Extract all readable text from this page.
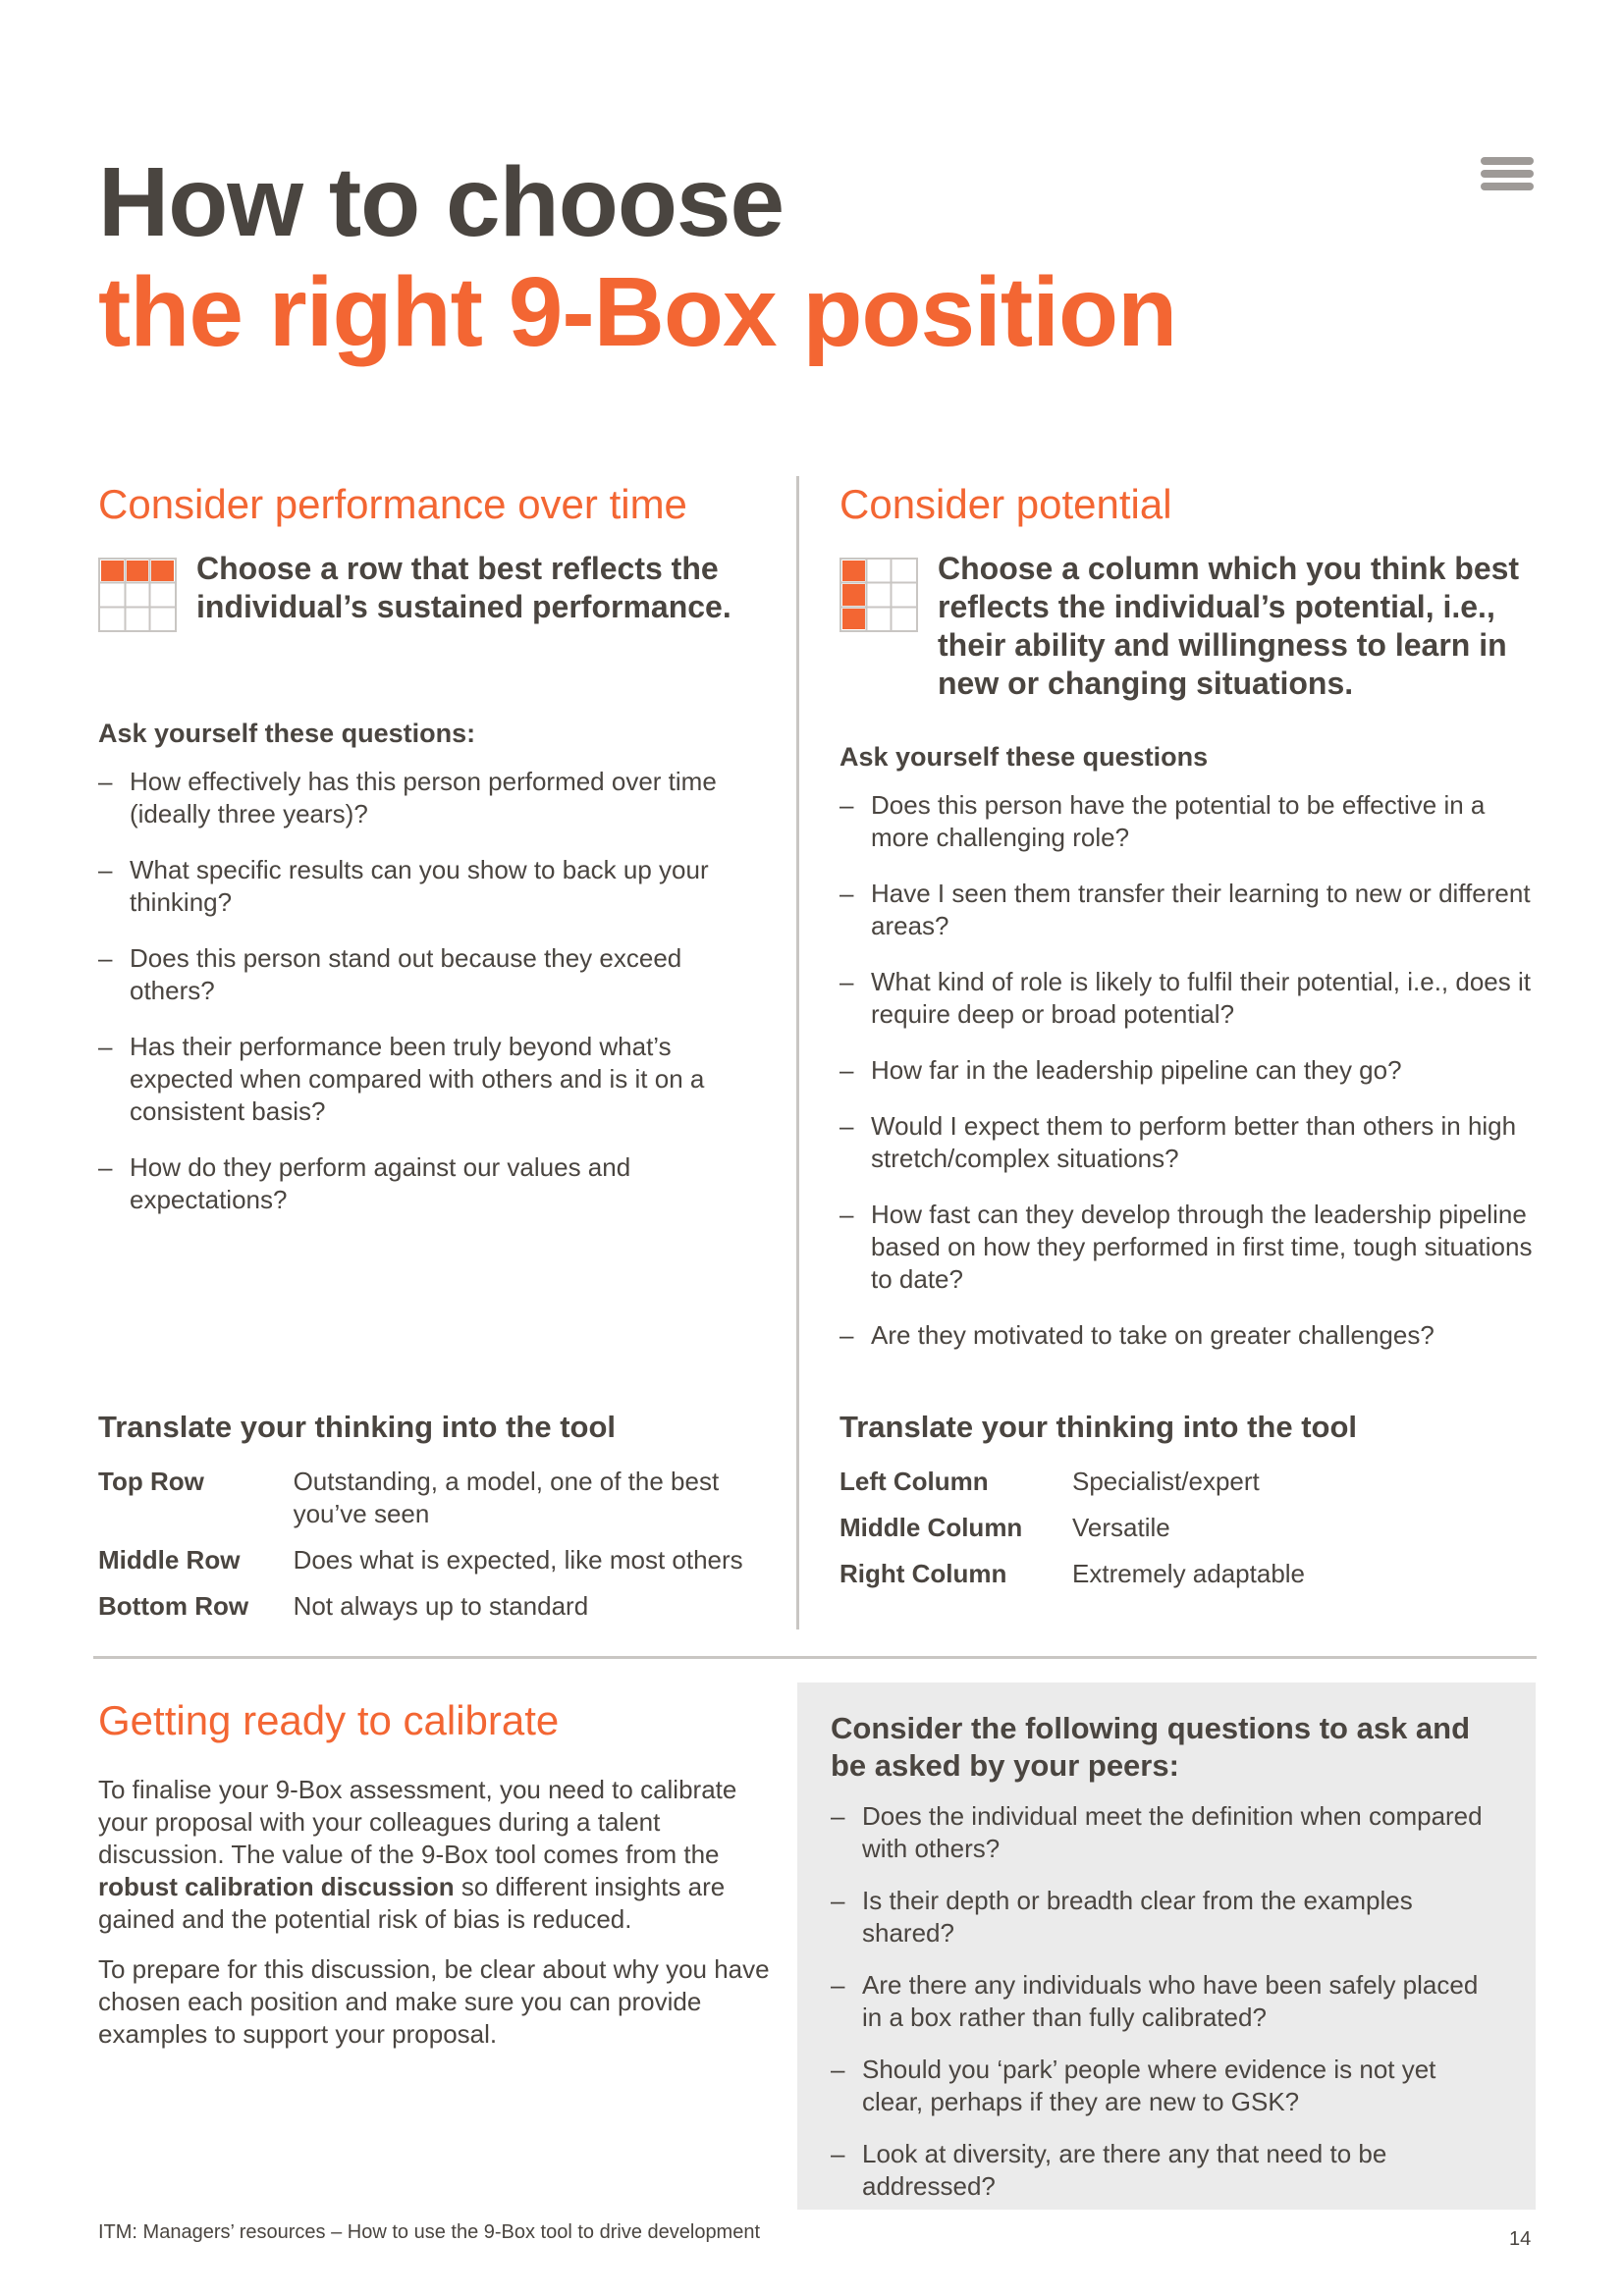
How to choose
the right 9-Box position
Consider performance over time

Choose a row that best reflects the individual’s sustained performance.

Ask yourself these questions:

– How effectively has this person performed over time (ideally three years)?
– What specific results can you show to back up your thinking?
– Does this person stand out because they exceed others?
– Has their performance been truly beyond what’s expected when compared with others and is it on a consistent basis?
– How do they perform against our values and expectations?

Translate your thinking into the tool

Top Row	Outstanding, a model, one of the best you’ve seen
Middle Row	Does what is expected, like most others
Bottom Row	Not always up to standard
Consider potential

Choose a column which you think best reflects the individual’s potential, i.e., their ability and willingness to learn in new or changing situations.

Ask yourself these questions

– Does this person have the potential to be effective in a more challenging role?
– Have I seen them transfer their learning to new or different areas?
– What kind of role is likely to fulfil their potential, i.e., does it require deep or broad potential?
– How far in the leadership pipeline can they go?
– Would I expect them to perform better than others in high stretch/complex situations?
– How fast can they develop through the leadership pipeline based on how they performed in first time, tough situations to date?
– Are they motivated to take on greater challenges?

Translate your thinking into the tool

Left Column	Specialist/expert
Middle Column	Versatile
Right Column	Extremely adaptable
Getting ready to calibrate

To finalise your 9-Box assessment, you need to calibrate your proposal with your colleagues during a talent discussion. The value of the 9-Box tool comes from the robust calibration discussion so different insights are gained and the potential risk of bias is reduced.

To prepare for this discussion, be clear about why you have chosen each position and make sure you can provide examples to support your proposal.

Consider the following questions to ask and be asked by your peers:

– Does the individual meet the definition when compared with others?
– Is their depth or breadth clear from the examples shared?
– Are there any individuals who have been safely placed in a box rather than fully calibrated?
– Should you ‘park’ people where evidence is not yet clear, perhaps if they are new to GSK?
– Look at diversity, are there any that need to be addressed?

ITM: Managers’ resources – How to use the 9-Box tool to drive development	14
